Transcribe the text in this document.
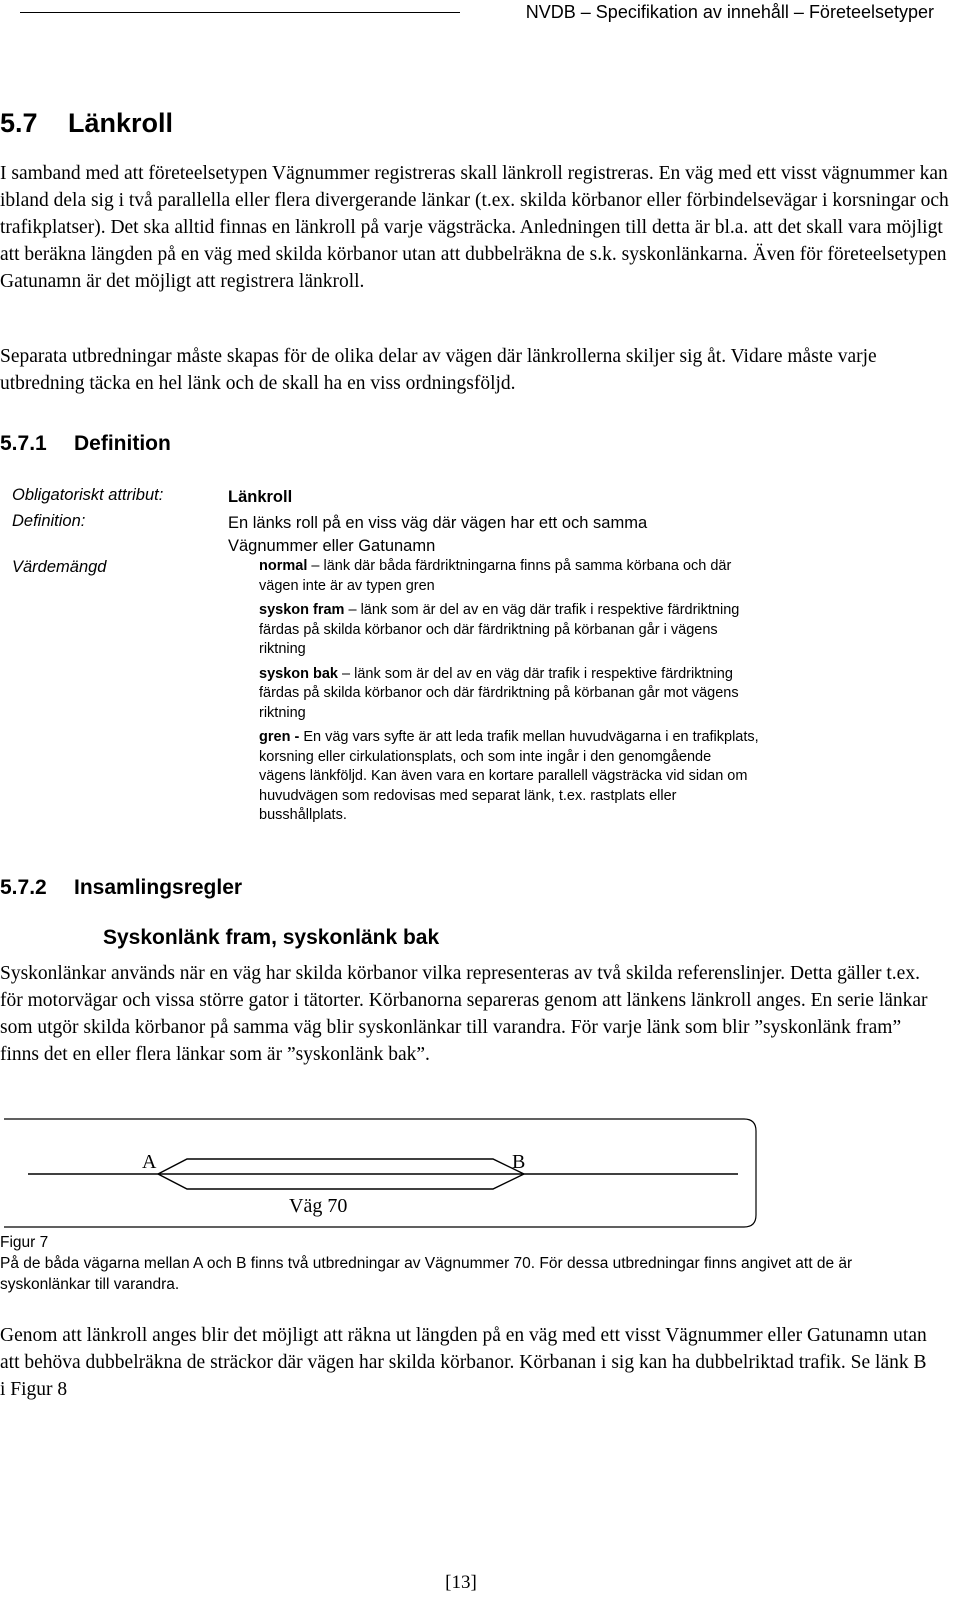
NVDB – Specifikation av innehåll – Företeelsetyper
5.7 Länkroll

I samband med att företeelsetypen Vägnummer registreras skall länkroll registreras. En väg med ett visst vägnummer kan ibland dela sig i två parallella eller flera divergerande länkar (t.ex. skilda körbanor eller förbindelsevägar i korsningar och trafikplatser). Det ska alltid finnas en länkroll på varje vägsträcka. Anledningen till detta är bl.a. att det skall vara möjligt att beräkna längden på en väg med skilda körbanor utan att dubbelräkna de s.k. syskonlänkarna. Även för företeelsetypen Gatunamn är det möjligt att registrera länkroll.

Separata utbredningar måste skapas för de olika delar av vägen där länkrollerna skiljer sig åt. Vidare måste varje utbredning täcka en hel länk och de skall ha en viss ordningsföljd.

5.7.1 Definition
Obligatoriskt attribut:	Länkroll
Definition:	En länks roll på en viss väg där vägen har ett och samma Vägnummer eller Gatunamn
Värdemängd	normal – länk där båda färdriktningarna finns på samma körbana och där vägen inte är av typen gren
syskon fram – länk som är del av en väg där trafik i respektive färdriktning färdas på skilda körbanor och där färdriktning på körbanan går i vägens riktning
syskon bak – länk som är del av en väg där trafik i respektive färdriktning färdas på skilda körbanor och där färdriktning på körbanan går mot vägens riktning
gren - En väg vars syfte är att leda trafik mellan huvudvägarna i en trafikplats, korsning eller cirkulationsplats, och som inte ingår i den genomgående vägens länkföljd. Kan även vara en kortare parallell vägsträcka vid sidan om huvudvägen som redovisas med separat länk, t.ex. rastplats eller busshållplats.
5.7.2 Insamlingsregler
Syskonlänk fram, syskonlänk bak

Syskonlänkar används när en väg har skilda körbanor vilka representeras av två skilda referenslinjer. Detta gäller t.ex. för motorvägar och vissa större gator i tätorter. Körbanorna separeras genom att länkens länkroll anges. En serie länkar som utgör skilda körbanor på samma väg blir syskonlänkar till varandra. För varje länk som blir ”syskonlänk fram” finns det en eller flera länkar som är ”syskonlänk bak”.

A	B
Väg 70
Figur 7

På de båda vägarna mellan A och B finns två utbredningar av Vägnummer 70. För dessa utbredningar finns angivet att de är syskonlänkar till varandra.

Genom att länkroll anges blir det möjligt att räkna ut längden på en väg med ett visst Vägnummer eller Gatunamn utan att behöva dubbelräkna de sträckor där vägen har skilda körbanor. Körbanan i sig kan ha dubbelriktad trafik. Se länk B i Figur 8

[13]
